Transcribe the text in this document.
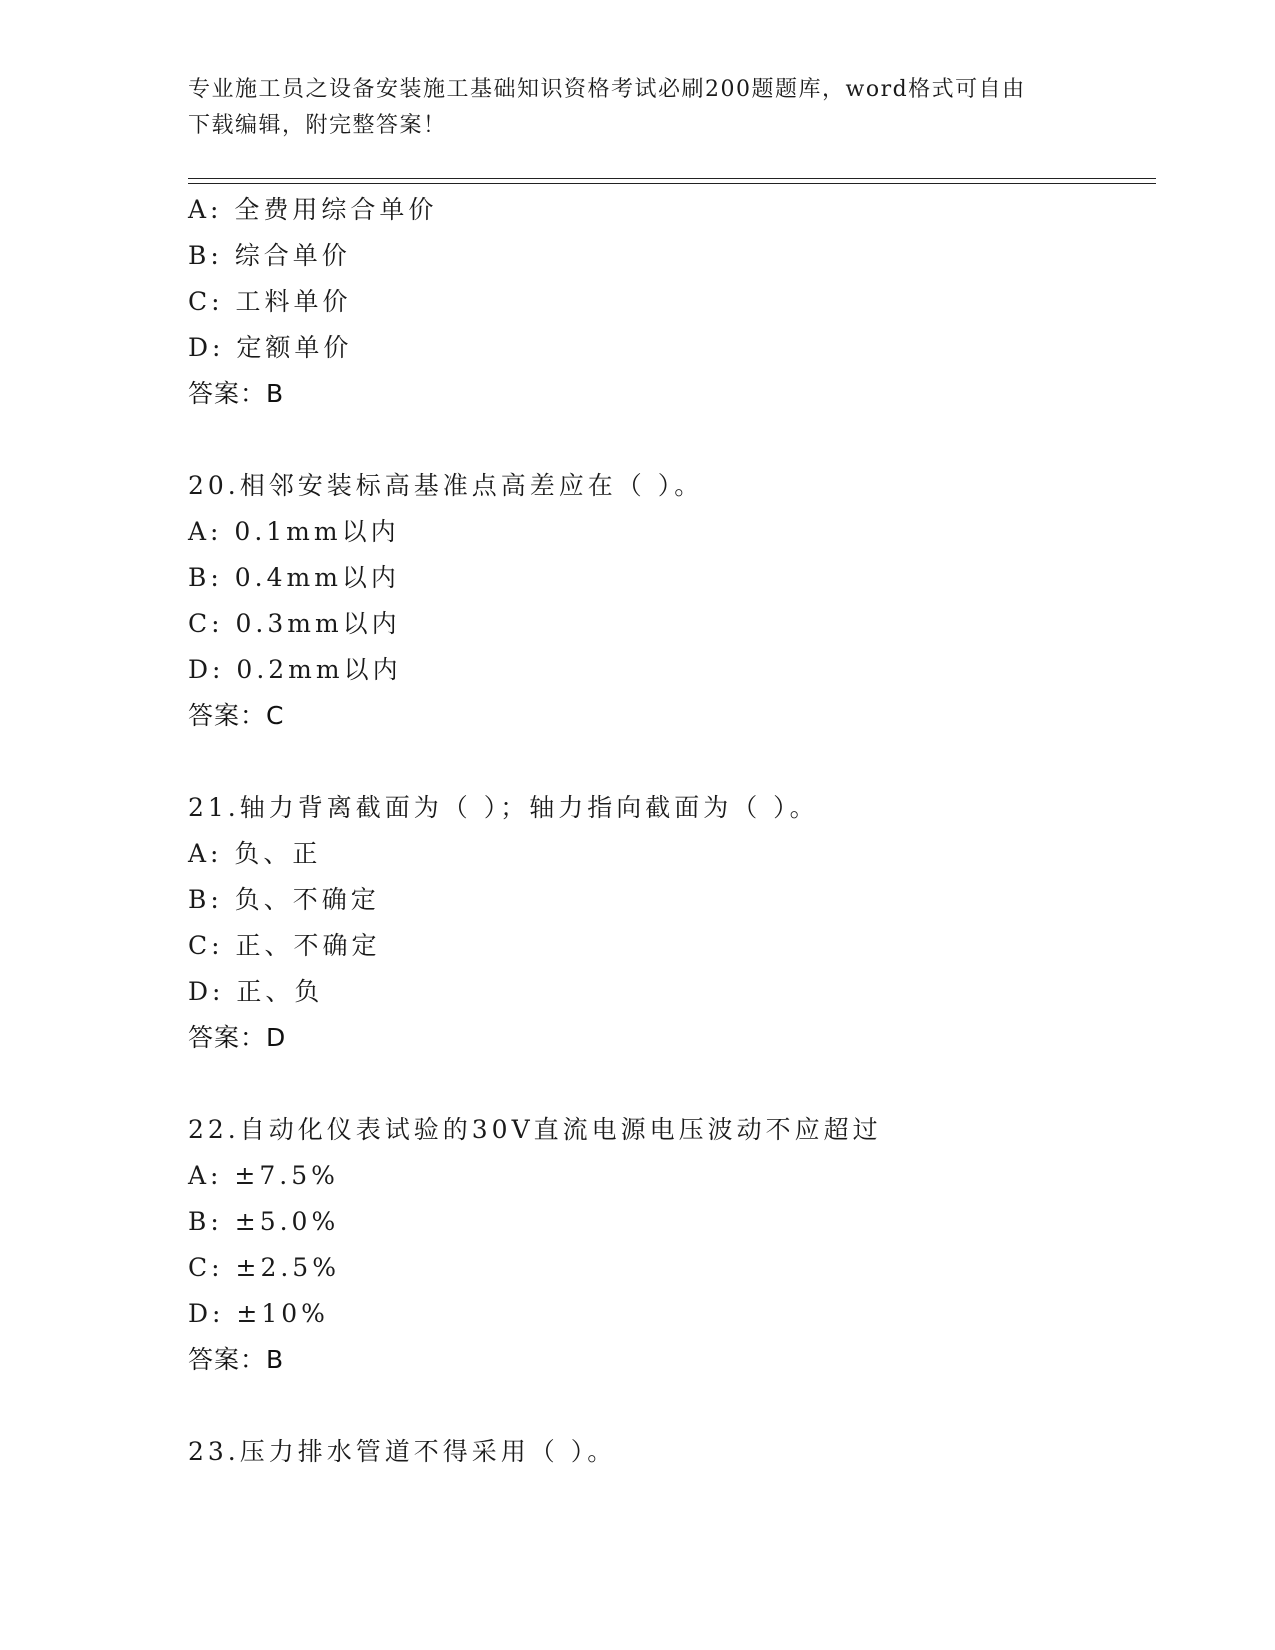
专业施工员之设备安装施工基础知识资格考试必刷200题题库，word格式可自由
下载编辑，附完整答案！
A: 全费用综合单价
B: 综合单价
C: 工料单价
D: 定额单价
答案：B
20.相邻安装标高基准点高差应在（ ）。
A: 0.1mm以内
B: 0.4mm以内
C: 0.3mm以内
D: 0.2mm以内
答案：C
21.轴力背离截面为（ ）；轴力指向截面为（ ）。
A: 负、正
B: 负、不确定
C: 正、不确定
D: 正、负
答案：D
22.自动化仪表试验的30V直流电源电压波动不应超过
A: ±7.5%
B: ±5.0%
C: ±2.5%
D: ±10%
答案：B
23.压力排水管道不得采用（ ）。
